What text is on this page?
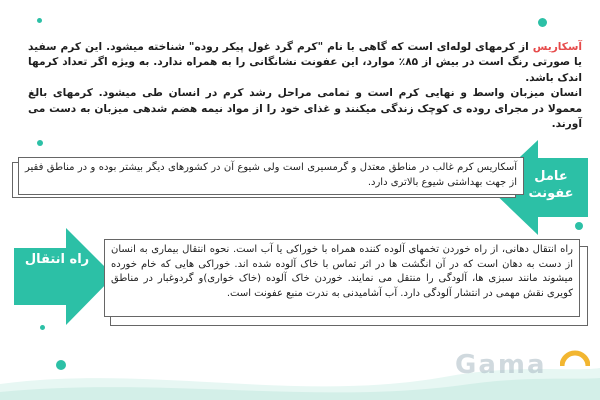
آسکاریس از کرمهای لوله‌ای است که گاهی با نام "کرم گرد غول پیکر روده" شناخته میشود. این کرم سفید یا صورتی رنگ است در بیش از ۸۵٪ موارد، این عفونت نشانگانی را به همراه ندارد. به ویژه اگر تعداد کرمها اندک باشد.
انسان میزبان واسط و نهایی کرم است و تمامی مراحل رشد کرم در انسان طی میشود. کرمهای بالغ معمولا در مجرای روده ی کوچک زندگی میکنند و غذای خود را از مواد نیمه هضم شدهی میزبان به دست می آورند.
عامل
عفونت
آسکاریس کرم غالب در مناطق معتدل و گرمسیری است ولی شیوع آن در کشورهای دیگر بیشتر بوده و در مناطق فقیر از جهت بهداشتی شیوع بالاتری دارد.
راه انتقال
راه انتقال دهانی، از راه خوردن تخمهای آلوده کننده همراه با خوراکی یا آب است. نحوه انتقال بیماری به انسان از دست به دهان است که در آن انگشت ها در اثر تماس با خاک آلوده شده اند. خوراکی هایی که خام خورده میشوند مانند سبزی ها، آلودگی را منتقل می نمایند. خوردن خاک آلوده (خاک خواری)و گردوغبار در مناطق کویری نقش مهمی در انتشار آلودگی دارد. آب آشامیدنی به ندرت منبع عفونت است.
Gama
